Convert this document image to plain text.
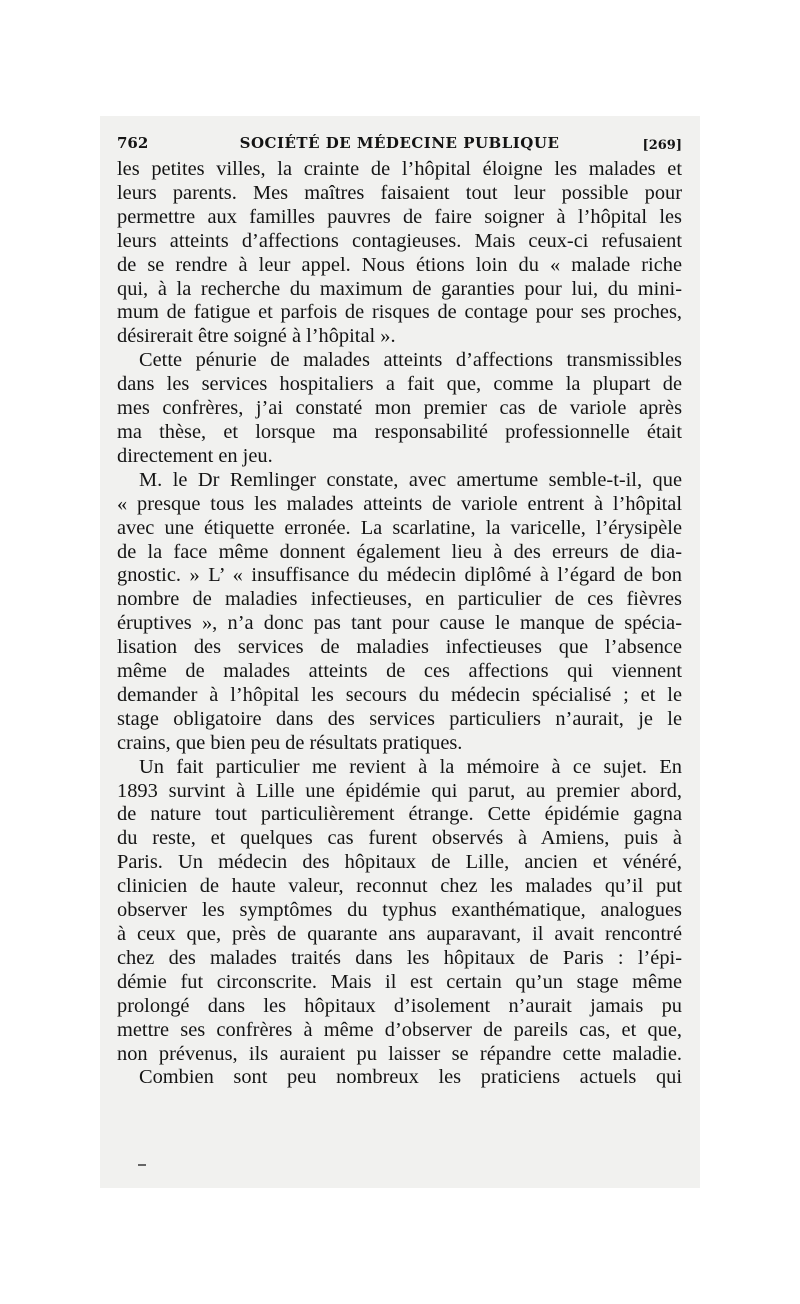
762	SOCIÉTÉ DE MÉDECINE PUBLIQUE	[269]

les petites villes, la crainte de l’hôpital éloigne les malades et
leurs parents. Mes maîtres faisaient tout leur possible pour
permettre aux familles pauvres de faire soigner à l’hôpital les
leurs atteints d’affections contagieuses. Mais ceux-ci refusaient
de se rendre à leur appel. Nous étions loin du « malade riche
qui, à la recherche du maximum de garanties pour lui, du mini-
mum de fatigue et parfois de risques de contage pour ses proches,
désirerait être soigné à l’hôpital ».
Cette pénurie de malades atteints d’affections transmissibles
dans les services hospitaliers a fait que, comme la plupart de
mes confrères, j’ai constaté mon premier cas de variole après
ma thèse, et lorsque ma responsabilité professionnelle était
directement en jeu.
M. le Dr Remlinger constate, avec amertume semble-t-il, que
« presque tous les malades atteints de variole entrent à l’hôpital
avec une étiquette erronée. La scarlatine, la varicelle, l’érysipèle
de la face même donnent également lieu à des erreurs de dia-
gnostic. » L’ « insuffisance du médecin diplômé à l’égard de bon
nombre de maladies infectieuses, en particulier de ces fièvres
éruptives », n’a donc pas tant pour cause le manque de spécia-
lisation des services de maladies infectieuses que l’absence
même de malades atteints de ces affections qui viennent
demander à l’hôpital les secours du médecin spécialisé ; et le
stage obligatoire dans des services particuliers n’aurait, je le
crains, que bien peu de résultats pratiques.
Un fait particulier me revient à la mémoire à ce sujet. En
1893 survint à Lille une épidémie qui parut, au premier abord,
de nature tout particulièrement étrange. Cette épidémie gagna
du reste, et quelques cas furent observés à Amiens, puis à
Paris. Un médecin des hôpitaux de Lille, ancien et vénéré,
clinicien de haute valeur, reconnut chez les malades qu’il put
observer les symptômes du typhus exanthématique, analogues
à ceux que, près de quarante ans auparavant, il avait rencontré
chez des malades traités dans les hôpitaux de Paris : l’épi-
démie fut circonscrite. Mais il est certain qu’un stage même
prolongé dans les hôpitaux d’isolement n’aurait jamais pu
mettre ses confrères à même d’observer de pareils cas, et que,
non prévenus, ils auraient pu laisser se répandre cette maladie.
Combien sont peu nombreux les praticiens actuels qui
